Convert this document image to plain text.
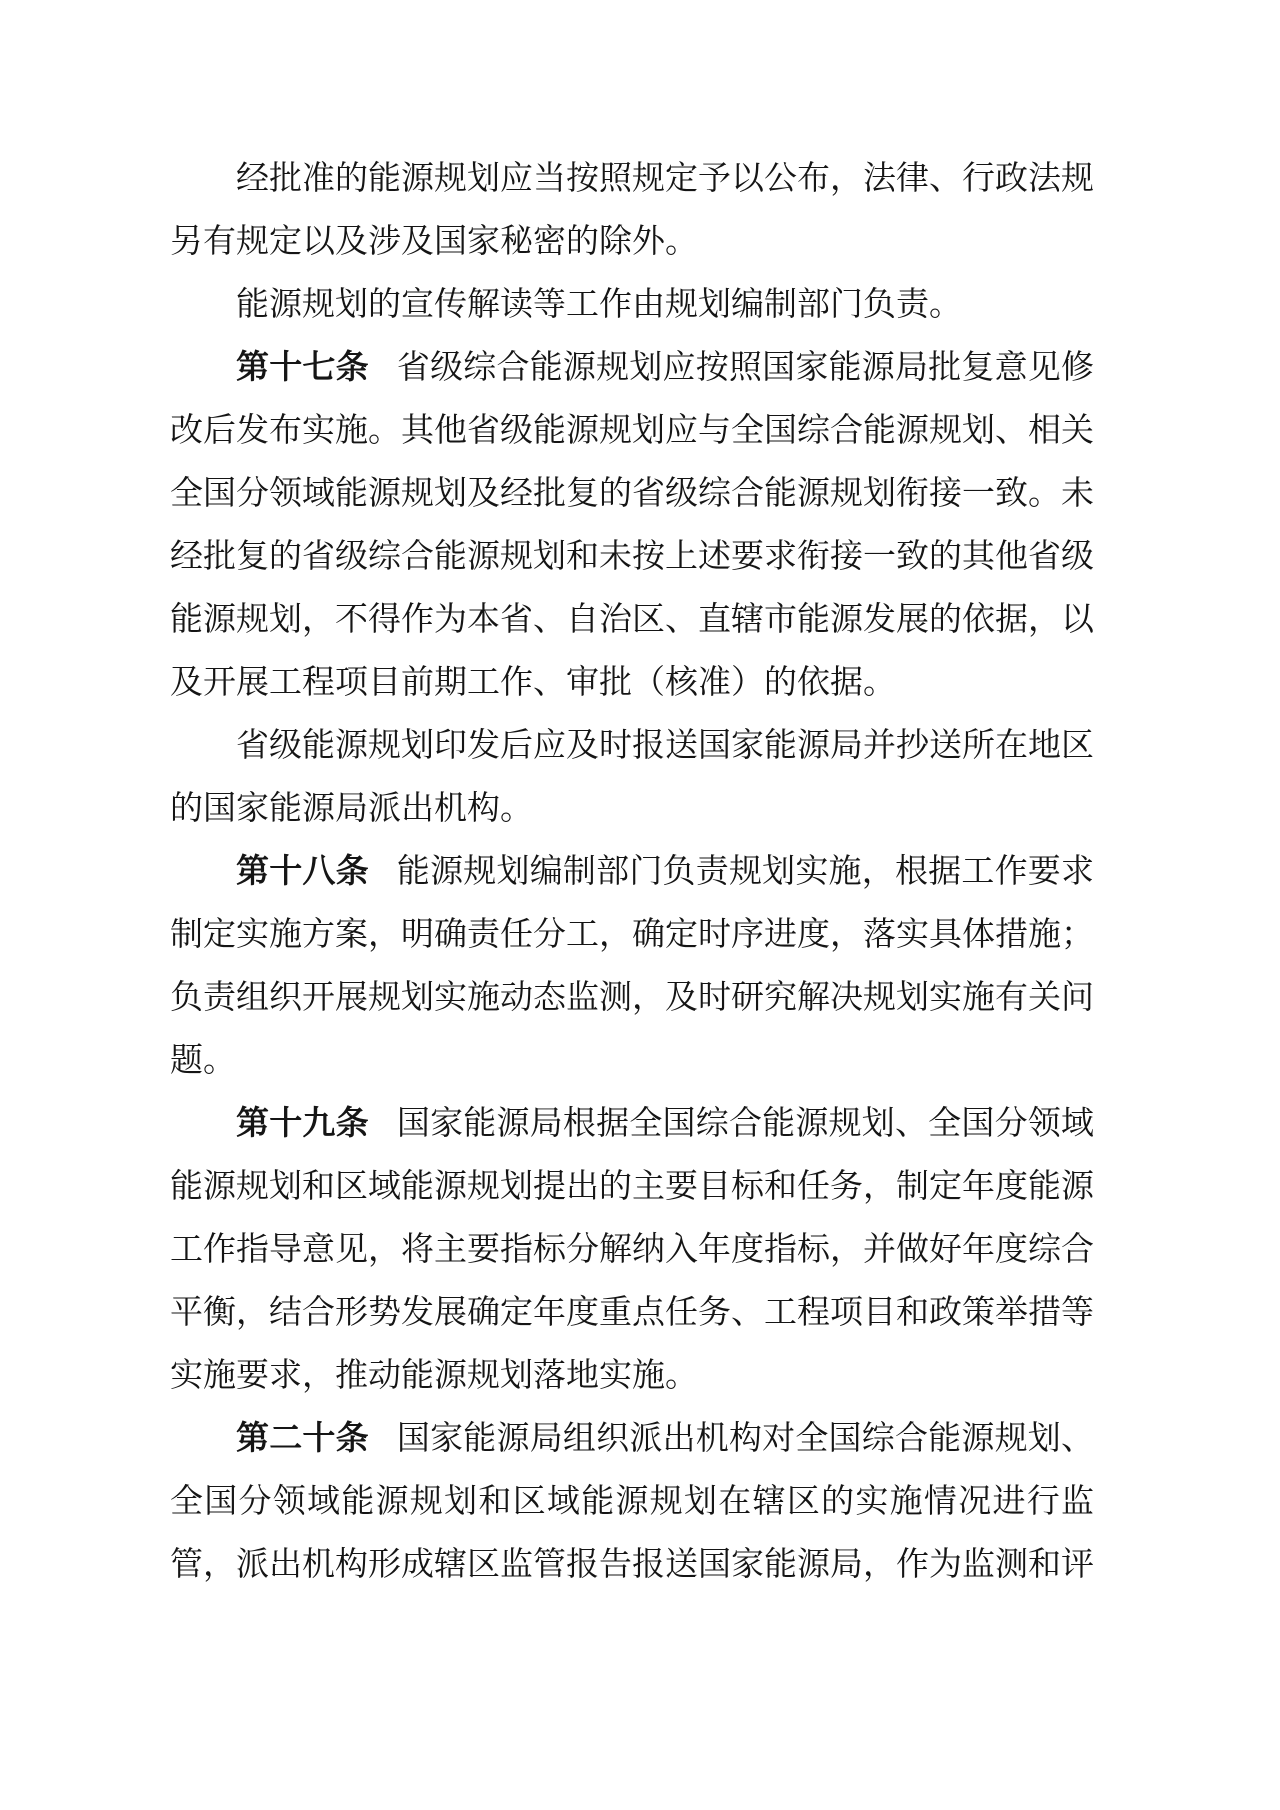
经批准的能源规划应当按照规定予以公布，法律、行政法规另有规定以及涉及国家秘密的除外。

能源规划的宣传解读等工作由规划编制部门负责。

第十七条 省级综合能源规划应按照国家能源局批复意见修改后发布实施。其他省级能源规划应与全国综合能源规划、相关全国分领域能源规划及经批复的省级综合能源规划衔接一致。未经批复的省级综合能源规划和未按上述要求衔接一致的其他省级能源规划，不得作为本省、自治区、直辖市能源发展的依据，以及开展工程项目前期工作、审批（核准）的依据。

省级能源规划印发后应及时报送国家能源局并抄送所在地区的国家能源局派出机构。

第十八条 能源规划编制部门负责规划实施，根据工作要求制定实施方案，明确责任分工，确定时序进度，落实具体措施；负责组织开展规划实施动态监测，及时研究解决规划实施有关问题。

第十九条 国家能源局根据全国综合能源规划、全国分领域能源规划和区域能源规划提出的主要目标和任务，制定年度能源工作指导意见，将主要指标分解纳入年度指标，并做好年度综合平衡，结合形势发展确定年度重点任务、工程项目和政策举措等实施要求，推动能源规划落地实施。

第二十条 国家能源局组织派出机构对全国综合能源规划、全国分领域能源规划和区域能源规划在辖区的实施情况进行监管，派出机构形成辖区监管报告报送国家能源局，作为监测和评
